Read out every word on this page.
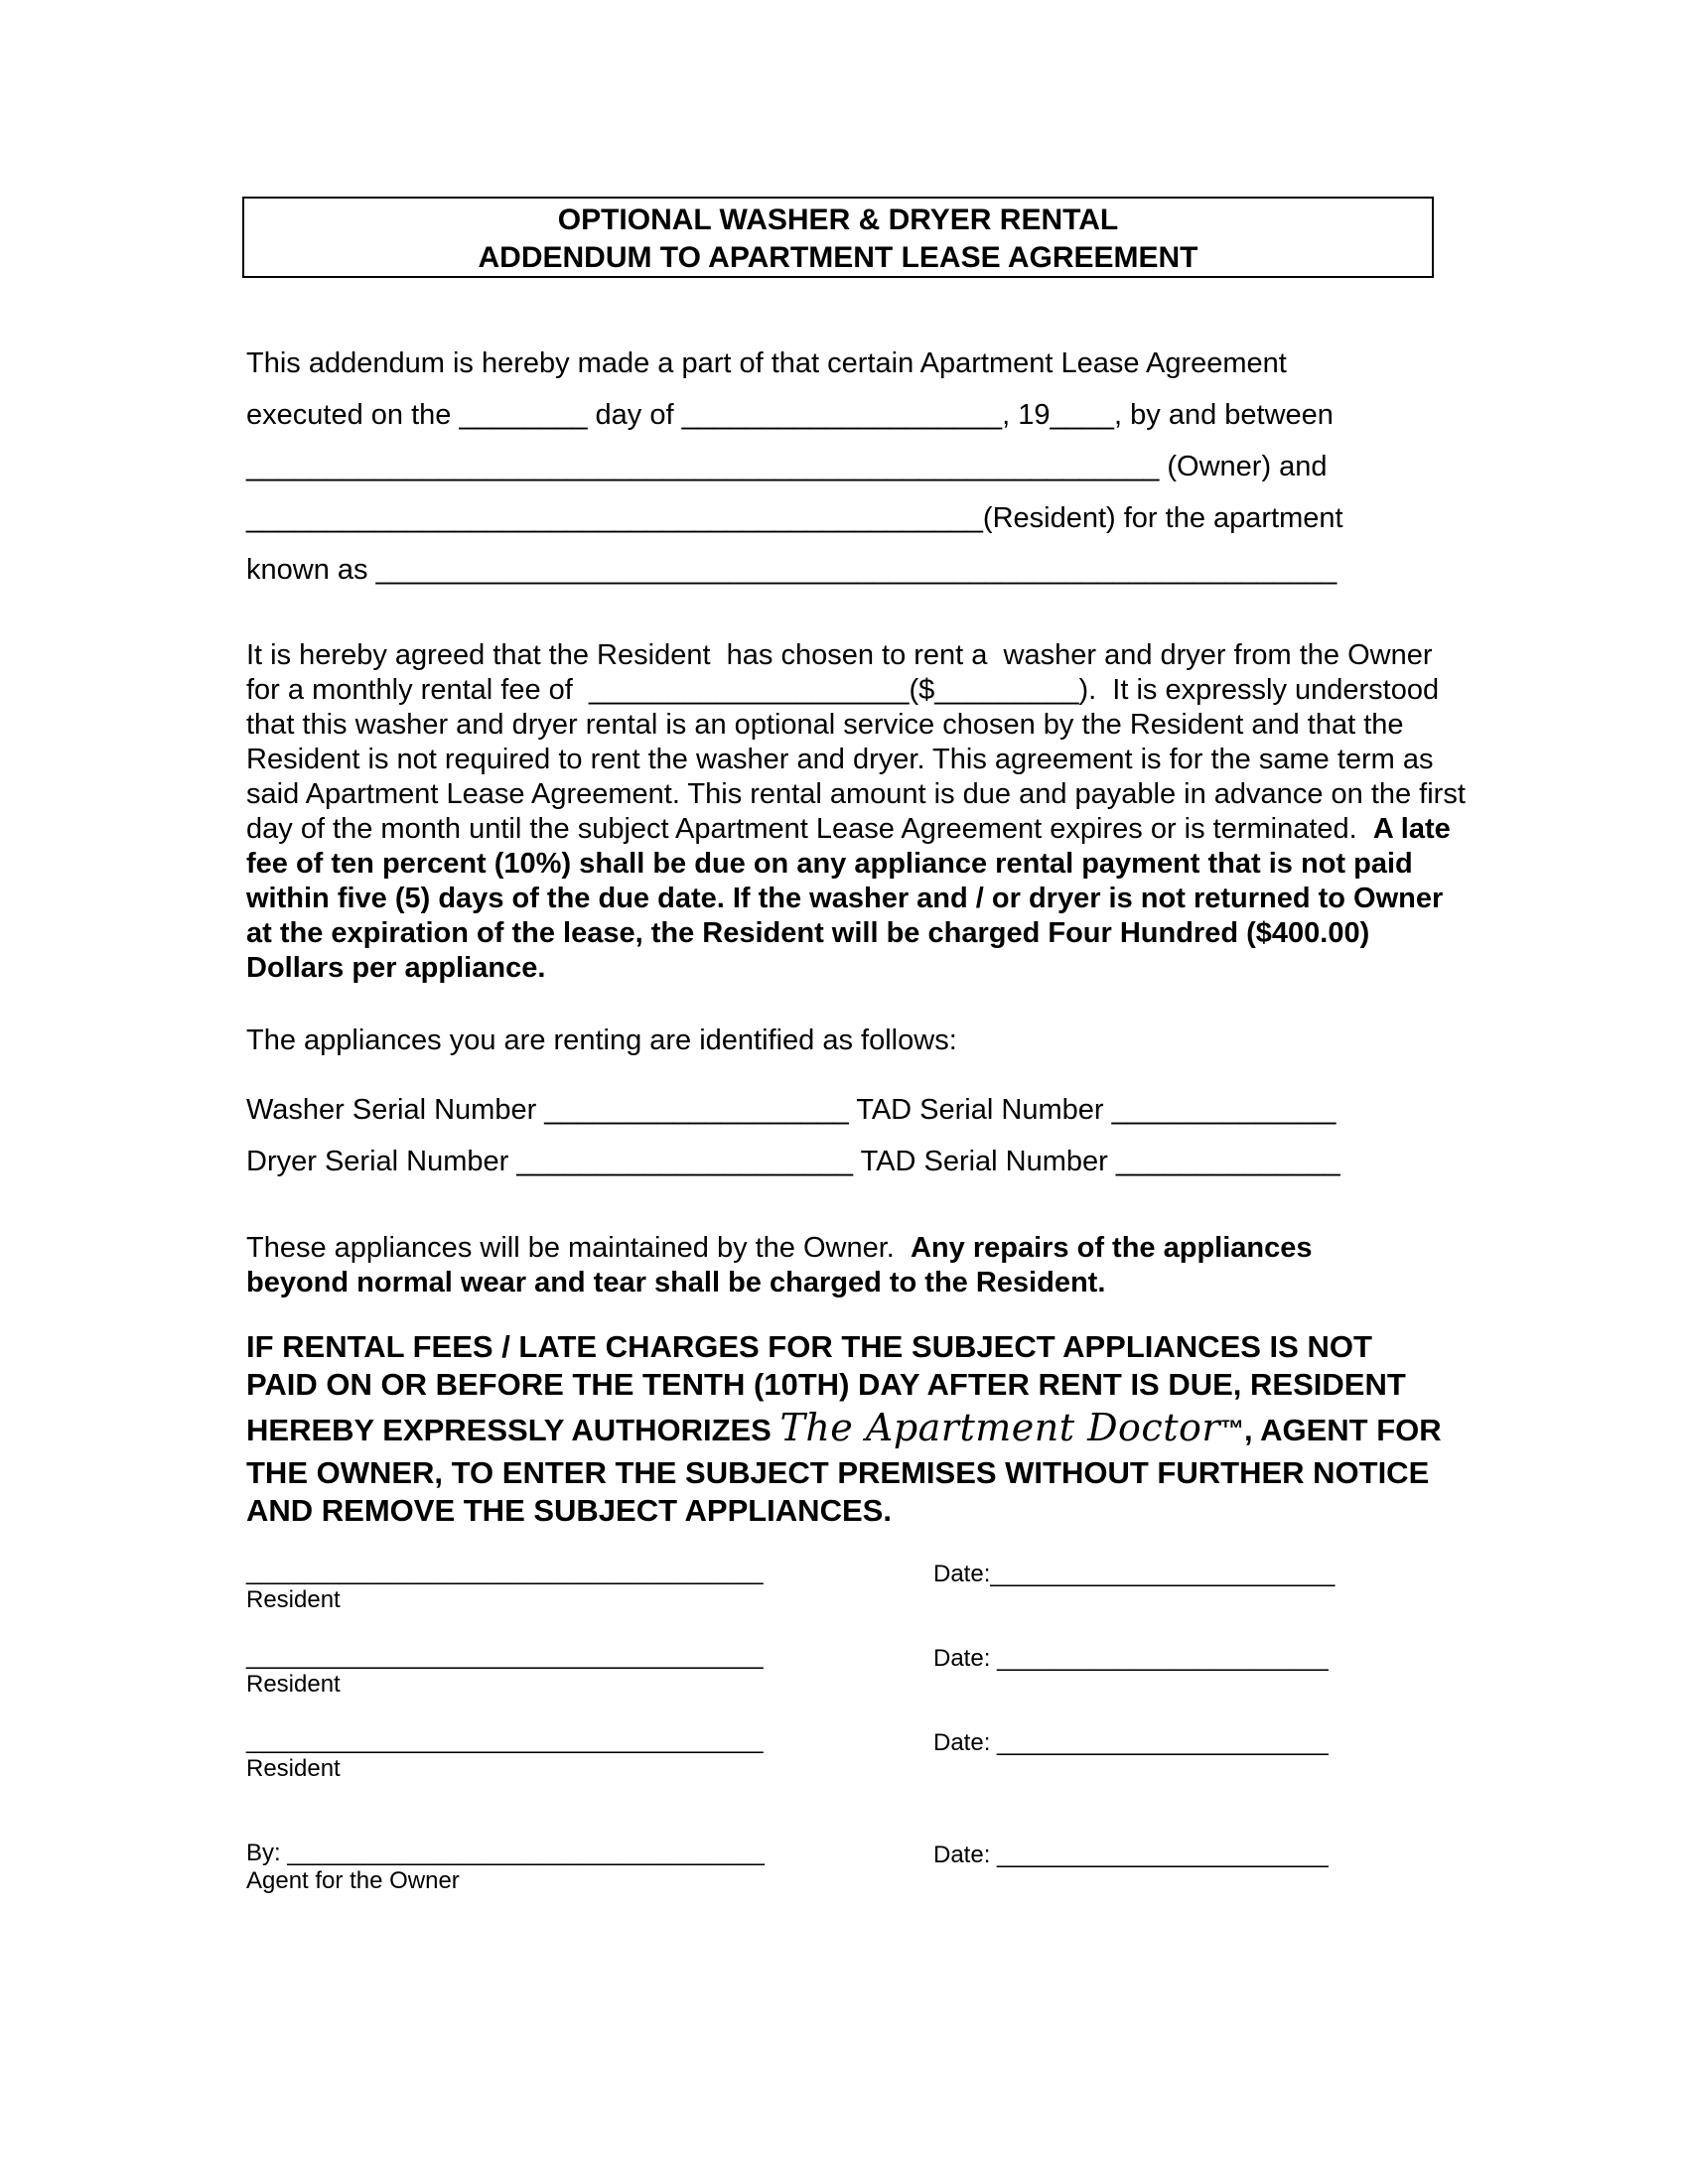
OPTIONAL WASHER & DRYER RENTAL
ADDENDUM TO APARTMENT LEASE AGREEMENT
This addendum is hereby made a part of that certain Apartment Lease Agreement
executed on the ________ day of ____________________, 19____, by and between
_________________________________________________________ (Owner) and
______________________________________________(Resident) for the apartment
known as ____________________________________________________________
It is hereby agreed that the Resident  has chosen to rent a  washer and dryer from the Owner
for a monthly rental fee of  ____________________($_________).  It is expressly understood
that this washer and dryer rental is an optional service chosen by the Resident and that the
Resident is not required to rent the washer and dryer. This agreement is for the same term as
said Apartment Lease Agreement. This rental amount is due and payable in advance on the first
day of the month until the subject Apartment Lease Agreement expires or is terminated.  A late
fee of ten percent (10%) shall be due on any appliance rental payment that is not paid
within five (5) days of the due date. If the washer and / or dryer is not returned to Owner
at the expiration of the lease, the Resident will be charged Four Hundred ($400.00)
Dollars per appliance.
The appliances you are renting are identified as follows:
Washer Serial Number ___________________ TAD Serial Number ______________
Dryer Serial Number _____________________ TAD Serial Number ______________
These appliances will be maintained by the Owner.  Any repairs of the appliances
beyond normal wear and tear shall be charged to the Resident.
IF RENTAL FEES / LATE CHARGES FOR THE SUBJECT APPLIANCES IS NOT
PAID ON OR BEFORE THE TENTH (10TH) DAY AFTER RENT IS DUE, RESIDENT
HEREBY EXPRESSLY AUTHORIZES The Apartment Doctor™, AGENT FOR
THE OWNER, TO ENTER THE SUBJECT PREMISES WITHOUT FURTHER NOTICE
AND REMOVE THE SUBJECT APPLIANCES.
_______________________________________
Resident
Date:__________________________
_______________________________________
Resident
Date: _________________________
_______________________________________
Resident
Date: _________________________
By: ____________________________________
Agent for the Owner
Date: _________________________
